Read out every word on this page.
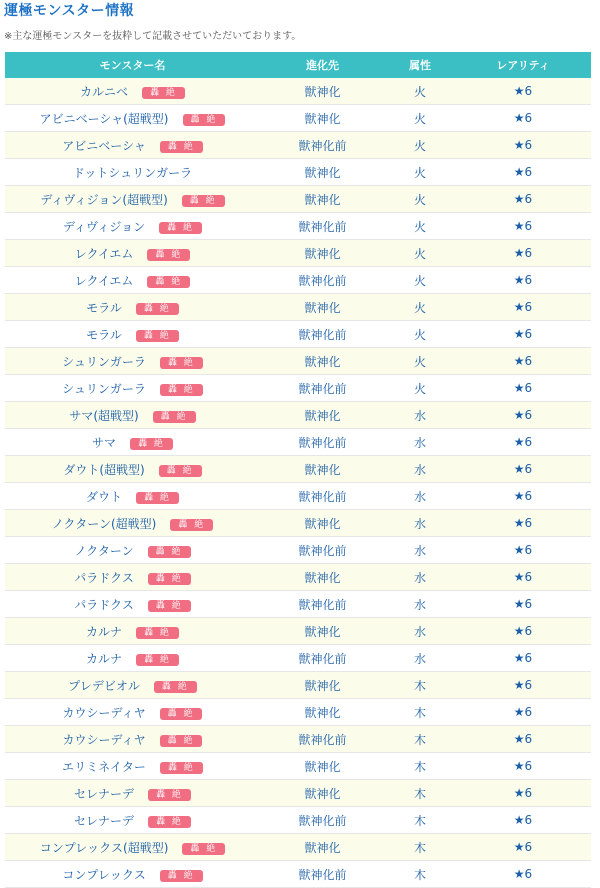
運極モンスター情報
※主な運極モンスターを抜粋して記載させていただいております。
モンスター名	進化先	属性	レアリティ
カルニベ 轟 絶	獣神化	火	★6
アビニベーシャ(超戦型) 轟 絶	獣神化	火	★6
アビニベーシャ 轟 絶	獣神化前	火	★6
ドットシュリンガーラ	獣神化	火	★6
ディヴィジョン(超戦型) 轟 絶	獣神化	火	★6
ディヴィジョン 轟 絶	獣神化前	火	★6
レクイエム 轟 絶	獣神化	火	★6
レクイエム 轟 絶	獣神化前	火	★6
モラル 轟 絶	獣神化	火	★6
モラル 轟 絶	獣神化前	火	★6
シュリンガーラ 轟 絶	獣神化	火	★6
シュリンガーラ 轟 絶	獣神化前	火	★6
サマ(超戦型) 轟 絶	獣神化	水	★6
サマ 轟 絶	獣神化前	水	★6
ダウト(超戦型) 轟 絶	獣神化	水	★6
ダウト 轟 絶	獣神化前	水	★6
ノクターン(超戦型) 轟 絶	獣神化	水	★6
ノクターン 轟 絶	獣神化前	水	★6
パラドクス 轟 絶	獣神化	水	★6
パラドクス 轟 絶	獣神化前	水	★6
カルナ 轟 絶	獣神化	水	★6
カルナ 轟 絶	獣神化前	水	★6
プレデビオル 轟 絶	獣神化	木	★6
カウシーディヤ 轟 絶	獣神化	木	★6
カウシーディヤ 轟 絶	獣神化前	木	★6
エリミネイター 轟 絶	獣神化	木	★6
セレナーデ 轟 絶	獣神化	木	★6
セレナーデ 轟 絶	獣神化前	木	★6
コンプレックス(超戦型) 轟 絶	獣神化	木	★6
コンプレックス 轟 絶	獣神化前	木	★6
